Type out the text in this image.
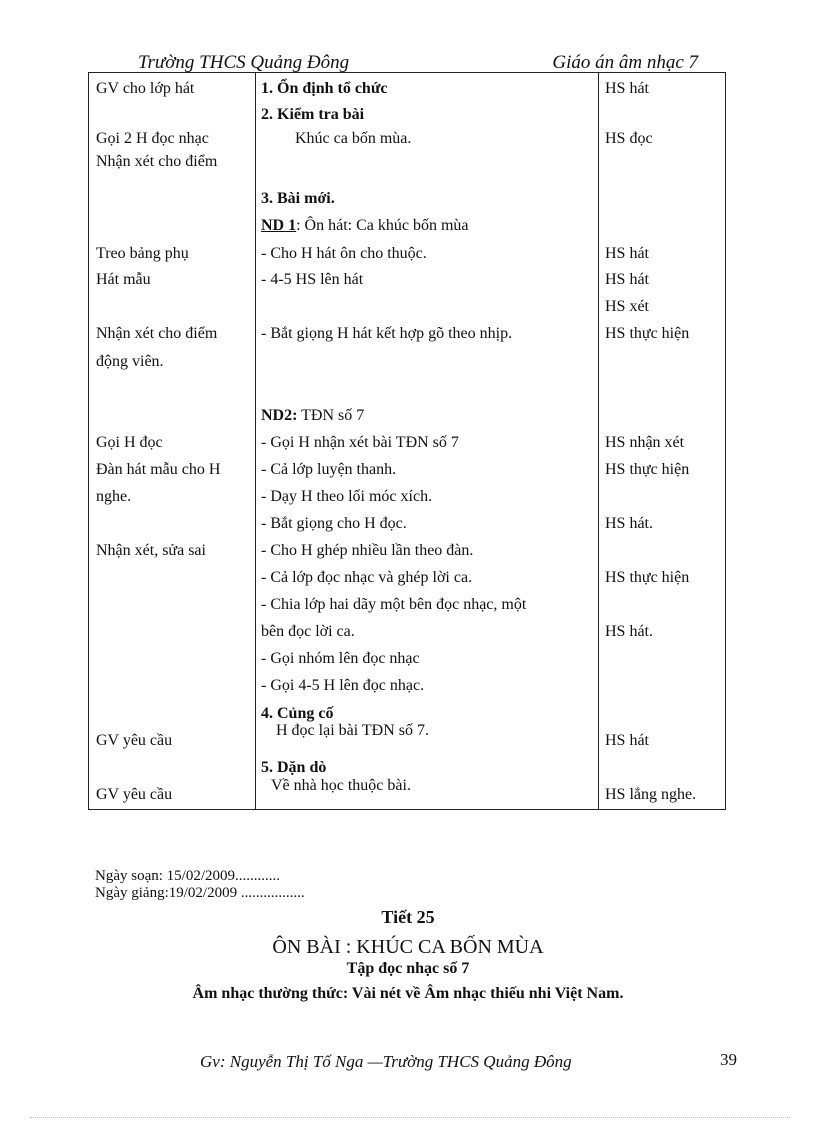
Trường THCS Quảng Đông	Giáo án âm nhạc 7
GV cho lớp hát
Gọi 2 H đọc nhạc
Nhận xét cho điểm
Treo bảng phụ
Hát mẫu
Nhận xét cho điểm
động viên.
Gọi H đọc
Đàn hát mẫu cho H
nghe.
Nhận xét, sửa sai
GV yêu cầu
GV yêu cầu
1. Ổn định tổ chức
2. Kiểm tra bài
Khúc ca bốn mùa.
3. Bài mới.
ND 1: Ôn hát: Ca khúc bốn mùa
- Cho H hát ôn cho thuộc.
- 4-5 HS lên hát
- Bắt giọng H hát kết hợp gõ theo nhịp.
ND2: TĐN số 7
- Gọi H nhận xét bài TĐN số 7
- Cả lớp luyện thanh.
- Dạy H theo lối móc xích.
- Bắt giọng cho H đọc.
- Cho H ghép nhiều lần theo đàn.
- Cả lớp đọc nhạc và ghép lời ca.
- Chia lớp hai dãy một bên đọc nhạc, một
bên đọc lời ca.
- Gọi nhóm lên đọc nhạc
- Gọi 4-5 H lên đọc nhạc.
4. Củng cố
H đọc lại bài TĐN số 7.
5. Dặn dò
Về nhà học thuộc bài.
HS hát
HS đọc
HS hát
HS hát
HS xét
HS thực hiện
HS nhận xét
HS thực hiện
HS hát.
HS thực hiện
HS hát.
HS hát
HS lắng nghe.
Ngày soạn: 15/02/2009............
Ngày giảng:19/02/2009 .................
Tiết 25
ÔN BÀI : KHÚC CA BỐN MÙA
Tập đọc nhạc số 7
Âm nhạc thường thức: Vài nét về Âm nhạc thiếu nhi Việt Nam.
Gv: Nguyễn Thị Tố Nga —Trường THCS Quảng Đông	39
